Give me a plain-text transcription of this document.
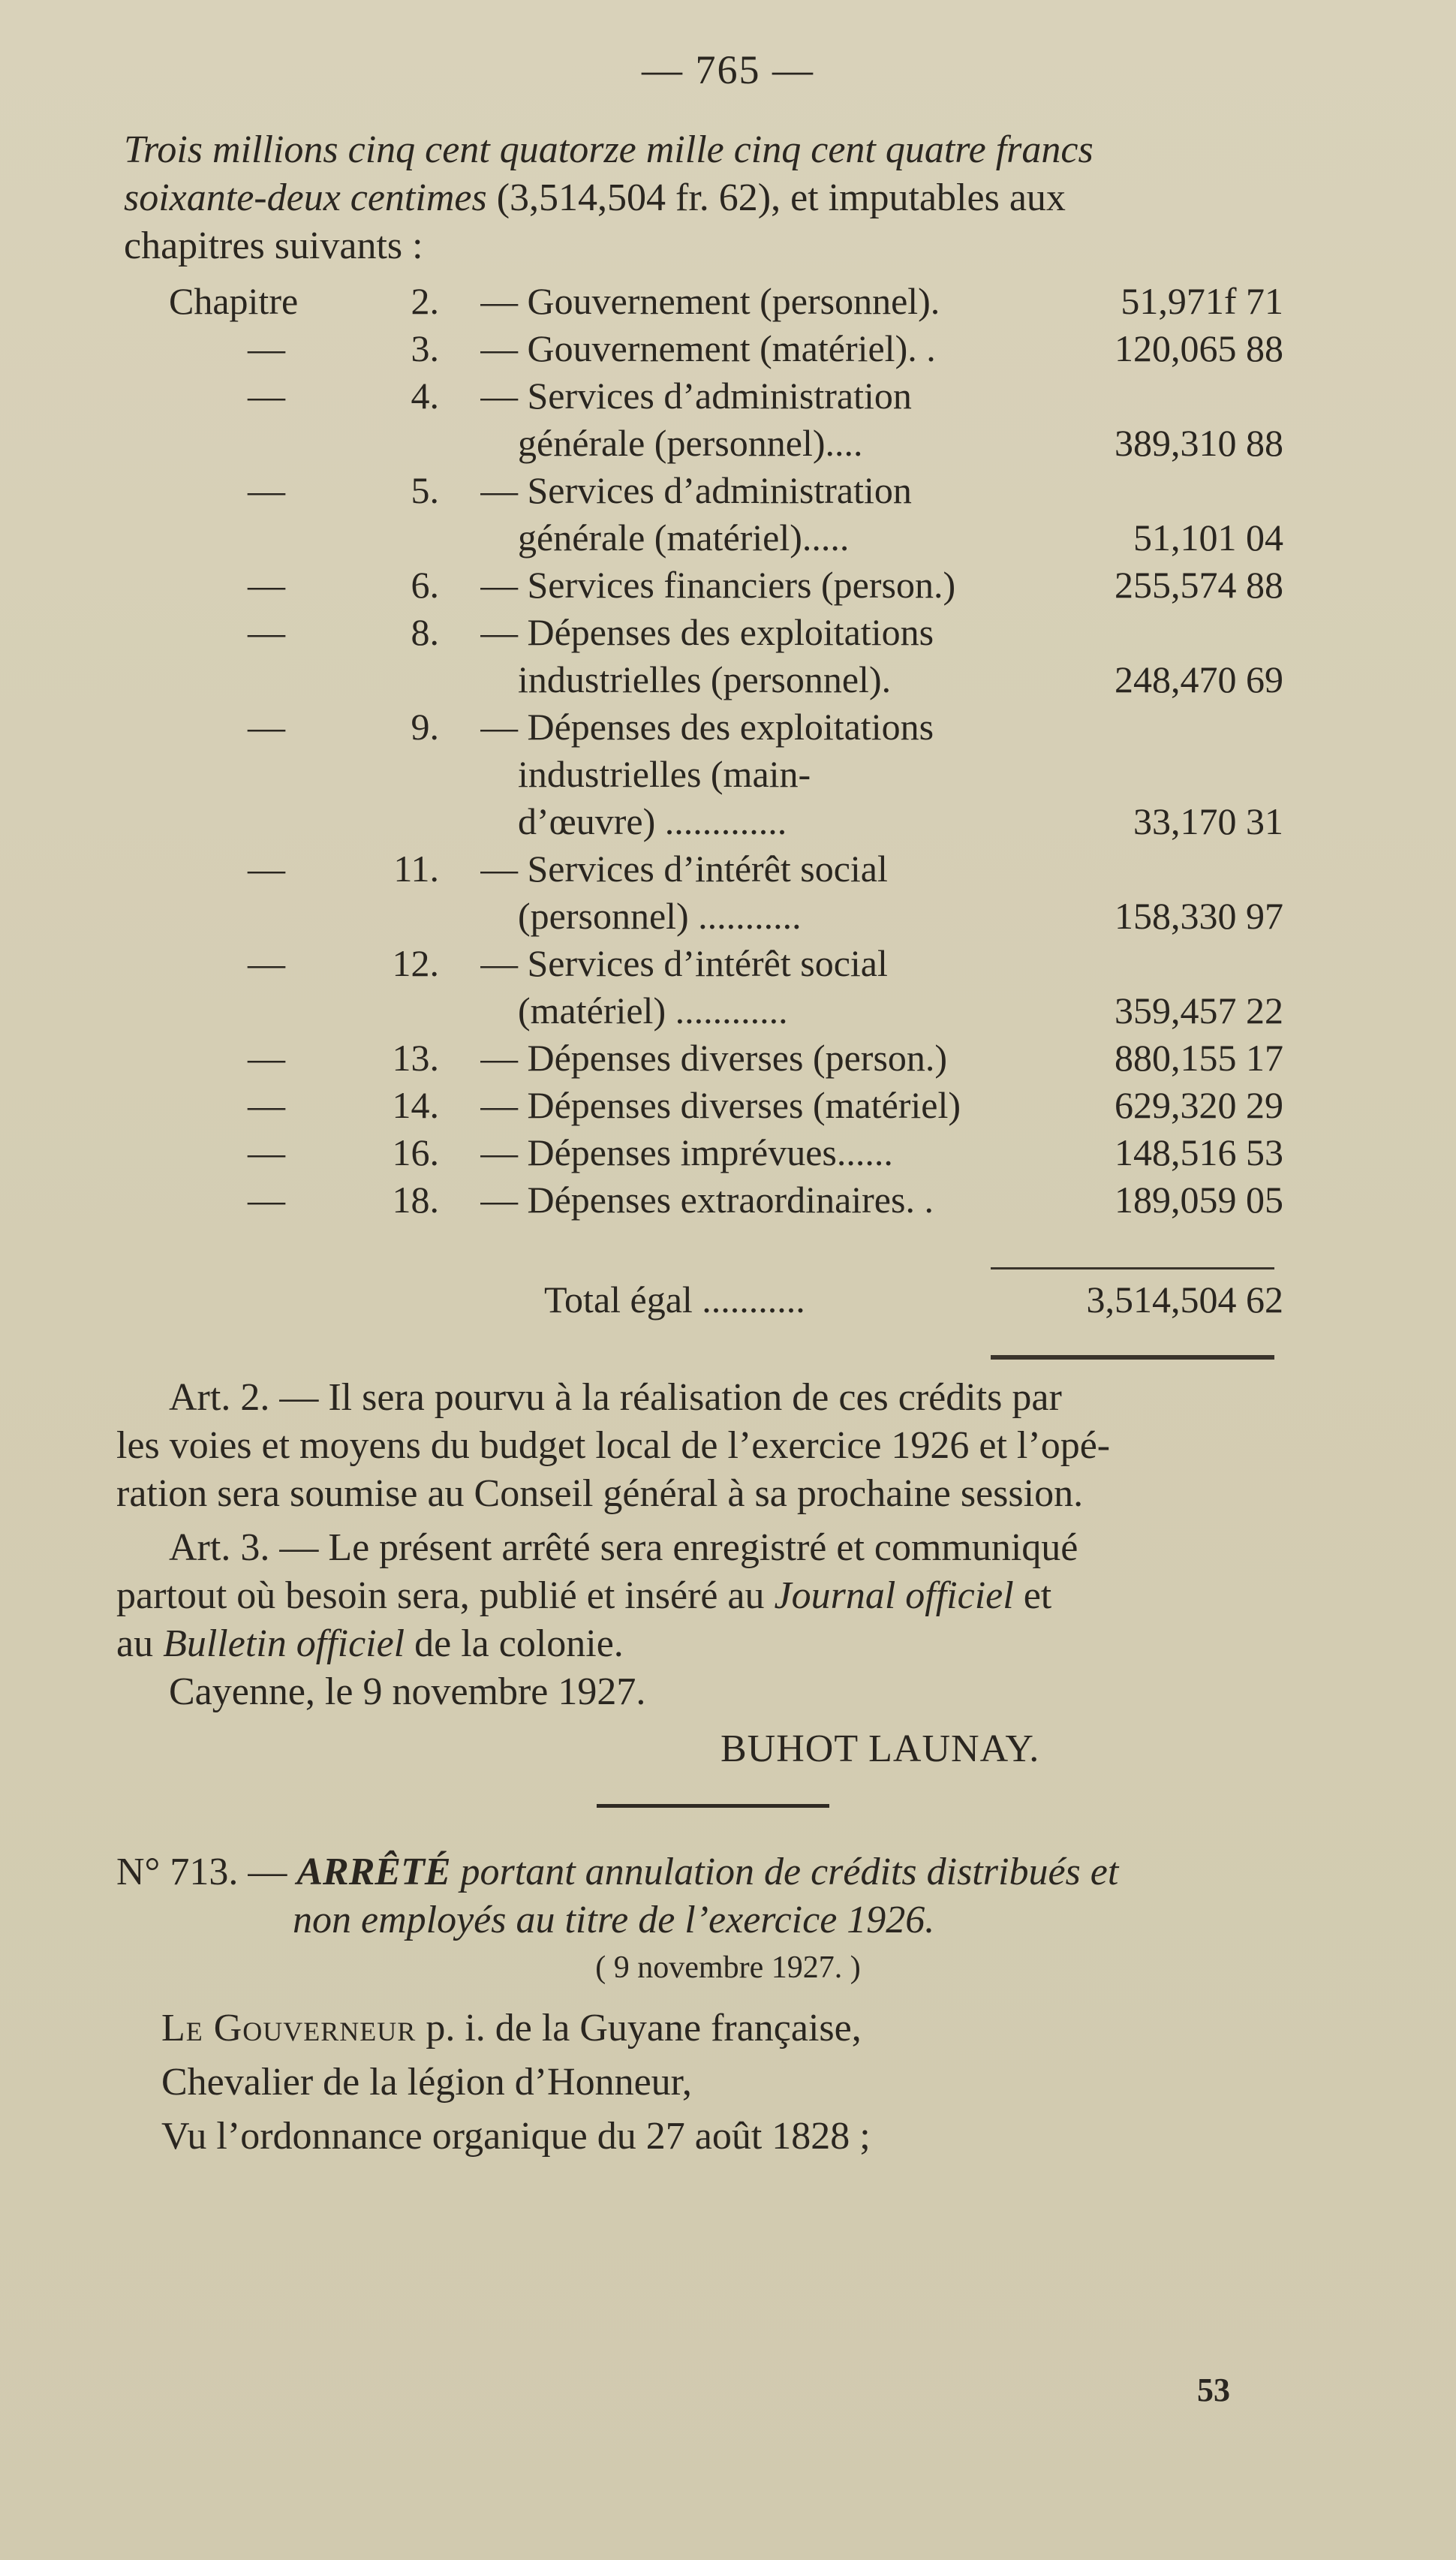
— 765 —
Trois millions cinq cent quatorze mille cinq cent quatre francs
soixante-deux centimes (3,514,504 fr. 62), et imputables aux
chapitres suivants :
Chapitre	2. — Gouvernement (personnel).	51,971f 71
—	3. — Gouvernement (matériel). .	120,065 88
—	4. — Services d’administration
générale (personnel)....	389,310 88
—	5. — Services d’administration
générale (matériel).....	51,101 04
—	6. — Services financiers (person.)	255,574 88
—	8. — Dépenses des exploitations
industrielles (personnel).	248,470 69
—	9. — Dépenses des exploitations
industrielles (main-
d’œuvre) .............	33,170 31
—	11. — Services d’intérêt social
(personnel) ...........	158,330 97
—	12. — Services d’intérêt social
(matériel) ............	359,457 22
—	13. — Dépenses diverses (person.)	880,155 17
—	14. — Dépenses diverses (matériel)	629,320 29
—	16. — Dépenses imprévues......	148,516 53
—	18. — Dépenses extraordinaires. .	189,059 05
Total égal ...........	3,514,504 62
Art. 2. — Il sera pourvu à la réalisation de ces crédits par
les voies et moyens du budget local de l’exercice 1926 et l’opé-
ration sera soumise au Conseil général à sa prochaine session.
Art. 3. — Le présent arrêté sera enregistré et communiqué
partout où besoin sera, publié et inséré au Journal officiel et
au Bulletin officiel de la colonie.
Cayenne, le 9 novembre 1927.
BUHOT LAUNAY.
N° 713. — ARRÊTÉ portant annulation de crédits distribués et
non employés au titre de l’exercice 1926.
( 9 novembre 1927. )
Le Gouverneur p. i. de la Guyane française,
Chevalier de la légion d’Honneur,
Vu l’ordonnance organique du 27 août 1828 ;
53
